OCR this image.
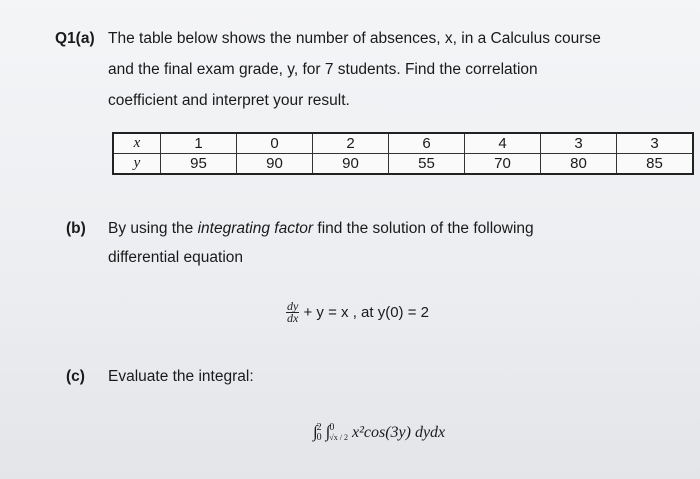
Q1(a) The table below shows the number of absences, x, in a Calculus course
and the final exam grade, y, for 7 students. Find the correlation
coefficient and interpret your result.
x	1	0	2	6	4	3	3
y	95	90	90	55	70	80	85
(b) By using the integrating factor find the solution of the following
differential equation
$\frac{dy}{dx} + y = x$ , at y(0) = 2
(c) Evaluate the integral:
∫ 2
0 ∫ 0
√x / 2 x²cos(3y) dydx
